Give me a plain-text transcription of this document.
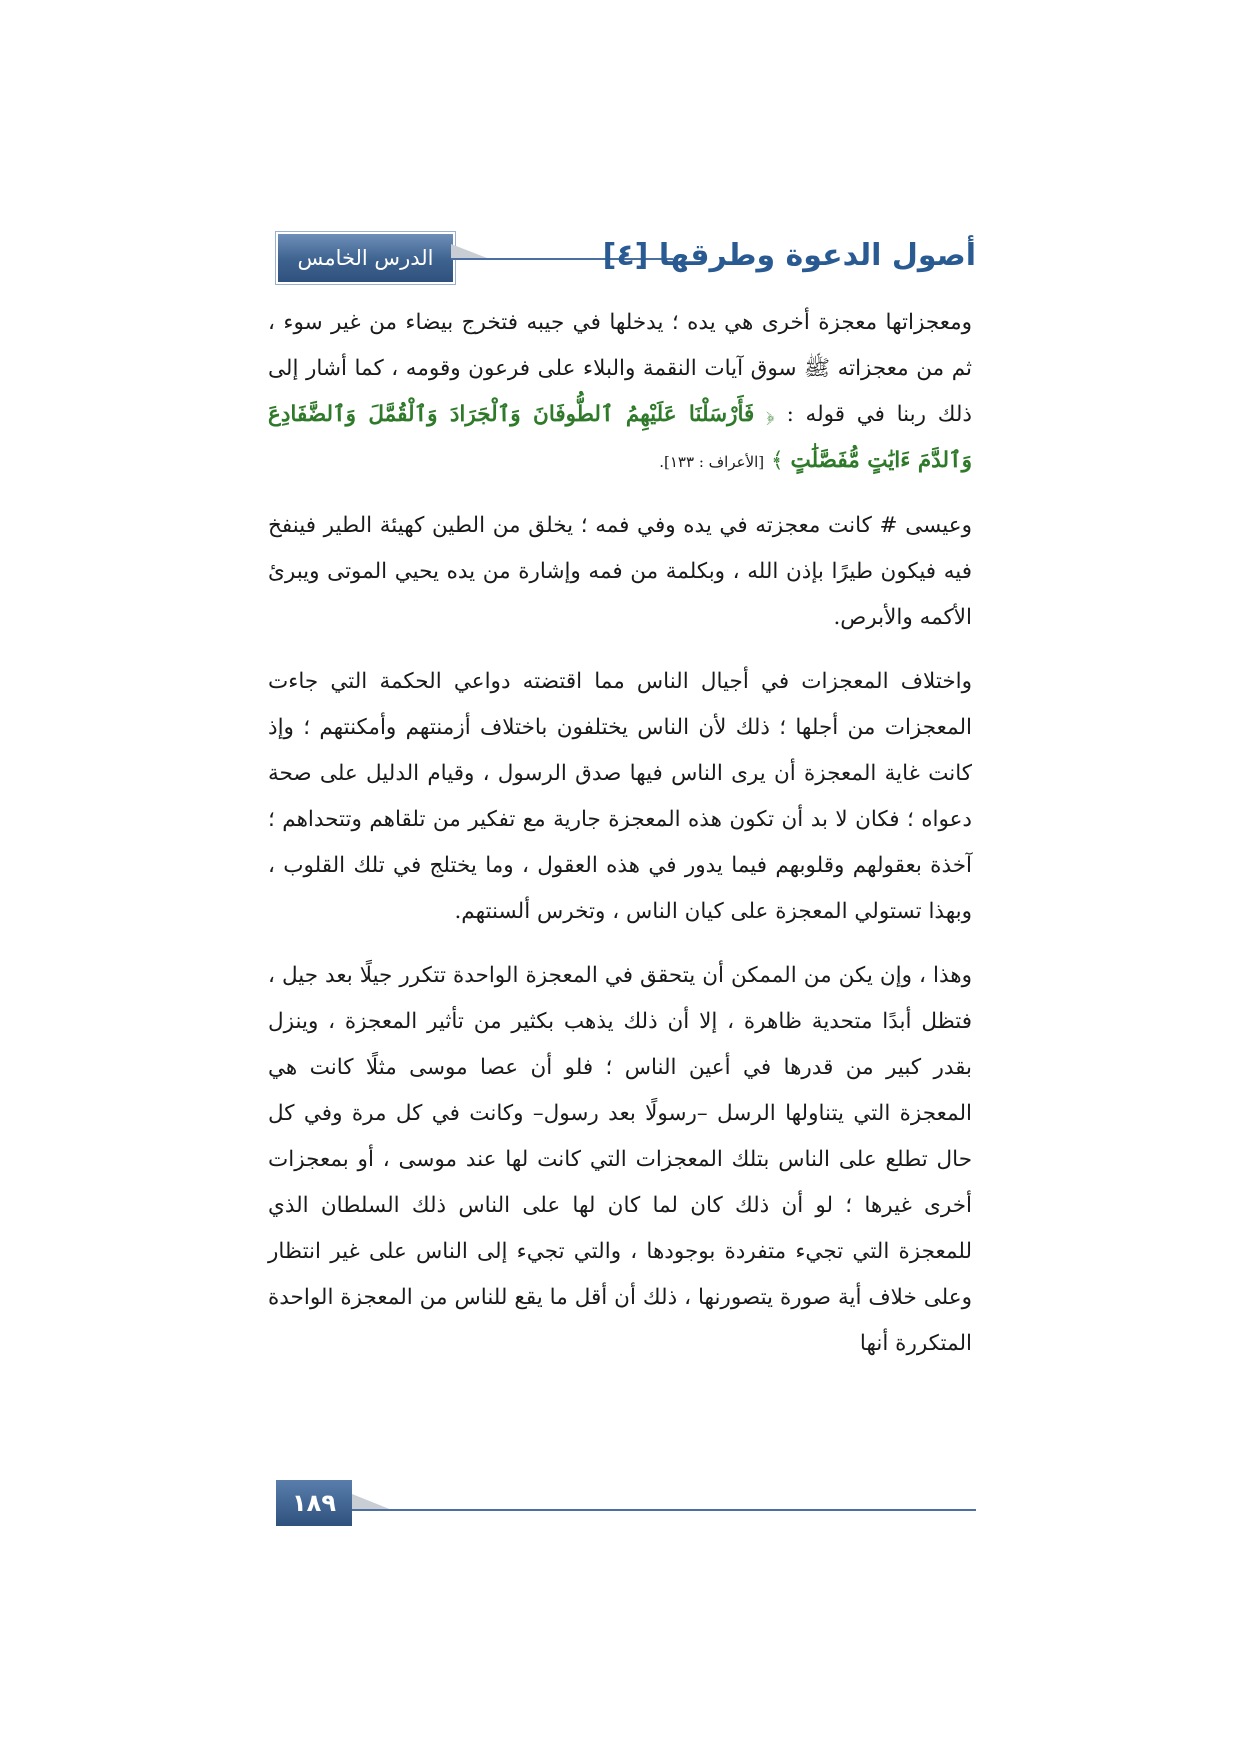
الدرس الخامس	أصول الدعوة وطرقها [٤]

ومعجزاتها معجزة أخرى هي يده ؛ يدخلها في جيبه فتخرج بيضاء من غير سوء ، ثم من معجزاته ﷺ سوق آيات النقمة والبلاء على فرعون وقومه ، كما أشار إلى ذلك ربنا في قوله : ﴿ فَأَرْسَلْنَا عَلَيْهِمُ ٱلطُّوفَانَ وَٱلْجَرَادَ وَٱلْقُمَّلَ وَٱلضَّفَادِعَ وَٱلدَّمَ ءَايَٰتٍ مُّفَصَّلَٰتٍ ﴾ [الأعراف : ١٣٣].

وعيسى # كانت معجزته في يده وفي فمه ؛ يخلق من الطين كهيئة الطير فينفخ فيه فيكون طيرًا بإذن الله ، وبكلمة من فمه وإشارة من يده يحيي الموتى ويبرئ الأكمه والأبرص.

واختلاف المعجزات في أجيال الناس مما اقتضته دواعي الحكمة التي جاءت المعجزات من أجلها ؛ ذلك لأن الناس يختلفون باختلاف أزمنتهم وأمكنتهم ؛ وإذ كانت غاية المعجزة أن يرى الناس فيها صدق الرسول ، وقيام الدليل على صحة دعواه ؛ فكان لا بد أن تكون هذه المعجزة جارية مع تفكير من تلقاهم وتتحداهم ؛ آخذة بعقولهم وقلوبهم فيما يدور في هذه العقول ، وما يختلج في تلك القلوب ، وبهذا تستولي المعجزة على كيان الناس ، وتخرس ألسنتهم.

وهذا ، وإن يكن من الممكن أن يتحقق في المعجزة الواحدة تتكرر جيلًا بعد جيل ، فتظل أبدًا متحدية ظاهرة ، إلا أن ذلك يذهب بكثير من تأثير المعجزة ، وينزل بقدر كبير من قدرها في أعين الناس ؛ فلو أن عصا موسى مثلًا كانت هي المعجزة التي يتناولها الرسل –رسولًا بعد رسول– وكانت في كل مرة وفي كل حال تطلع على الناس بتلك المعجزات التي كانت لها عند موسى ، أو بمعجزات أخرى غيرها ؛ لو أن ذلك كان لما كان لها على الناس ذلك السلطان الذي للمعجزة التي تجيء متفردة بوجودها ، والتي تجيء إلى الناس على غير انتظار وعلى خلاف أية صورة يتصورنها ، ذلك أن أقل ما يقع للناس من المعجزة الواحدة المتكررة أنها

١٨٩
